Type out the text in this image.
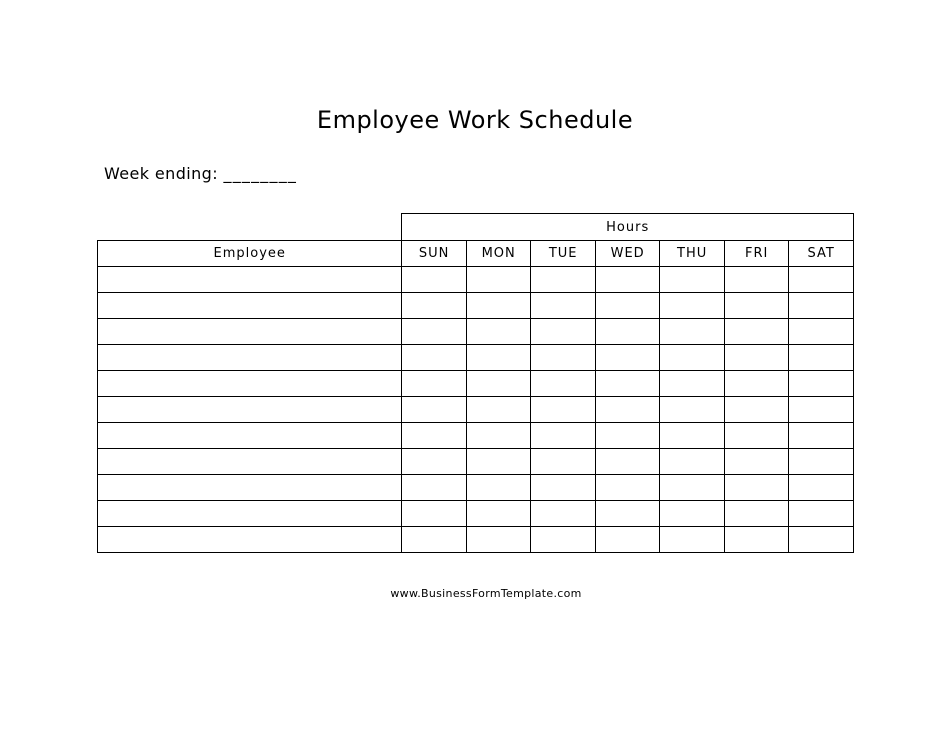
Employee Work Schedule
Week ending: ________
	Hours						
Employee	SUN	MON	TUE	WED	THU	FRI	SAT

www.BusinessFormTemplate.com
